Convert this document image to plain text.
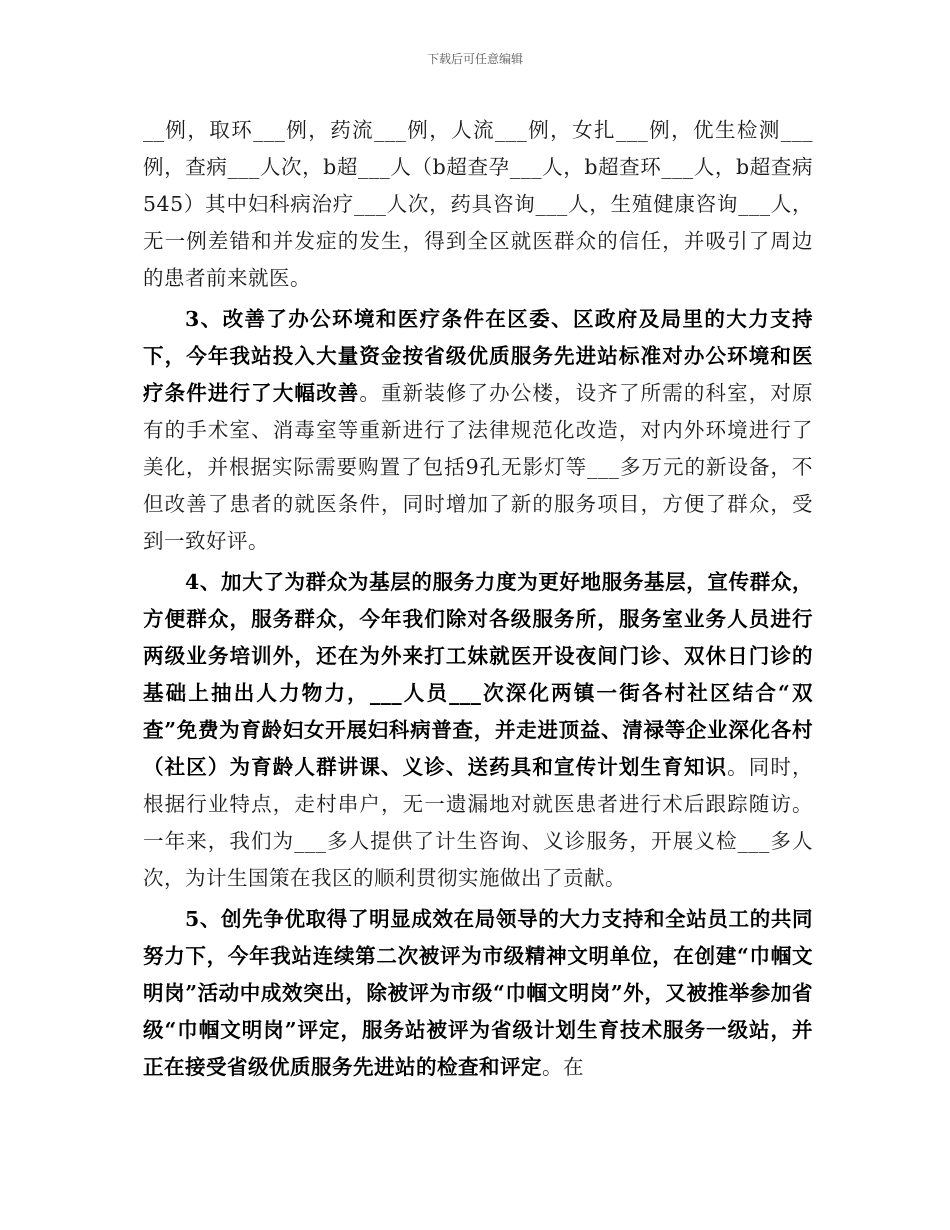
下载后可任意编辑

__例，取环___例，药流___例，人流___例，女扎___例，优生检测___例，查病___人次，b超___人（b超查孕___人，b超查环___人，b超查病545）其中妇科病治疗___人次，药具咨询___人，生殖健康咨询___人，无一例差错和并发症的发生，得到全区就医群众的信任，并吸引了周边的患者前来就医。

3、改善了办公环境和医疗条件在区委、区政府及局里的大力支持下，今年我站投入大量资金按省级优质服务先进站标准对办公环境和医疗条件进行了大幅改善。重新装修了办公楼，设齐了所需的科室，对原有的手术室、消毒室等重新进行了法律规范化改造，对内外环境进行了美化，并根据实际需要购置了包括9孔无影灯等___多万元的新设备，不但改善了患者的就医条件，同时增加了新的服务项目，方便了群众，受到一致好评。

4、加大了为群众为基层的服务力度为更好地服务基层，宣传群众，方便群众，服务群众，今年我们除对各级服务所，服务室业务人员进行两级业务培训外，还在为外来打工妹就医开设夜间门诊、双休日门诊的基础上抽出人力物力，___人员___次深化两镇一街各村社区结合“双查”免费为育龄妇女开展妇科病普查，并走进顶益、清禄等企业深化各村（社区）为育龄人群讲课、义诊、送药具和宣传计划生育知识。同时，根据行业特点，走村串户，无一遗漏地对就医患者进行术后跟踪随访。一年来，我们为___多人提供了计生咨询、义诊服务，开展义检___多人次，为计生国策在我区的顺利贯彻实施做出了贡献。

5、创先争优取得了明显成效在局领导的大力支持和全站员工的共同努力下，今年我站连续第二次被评为市级精神文明单位，在创建“巾帼文明岗”活动中成效突出，除被评为市级“巾帼文明岗”外，又被推举参加省级“巾帼文明岗”评定，服务站被评为省级计划生育技术服务一级站，并正在接受省级优质服务先进站的检查和评定。在
